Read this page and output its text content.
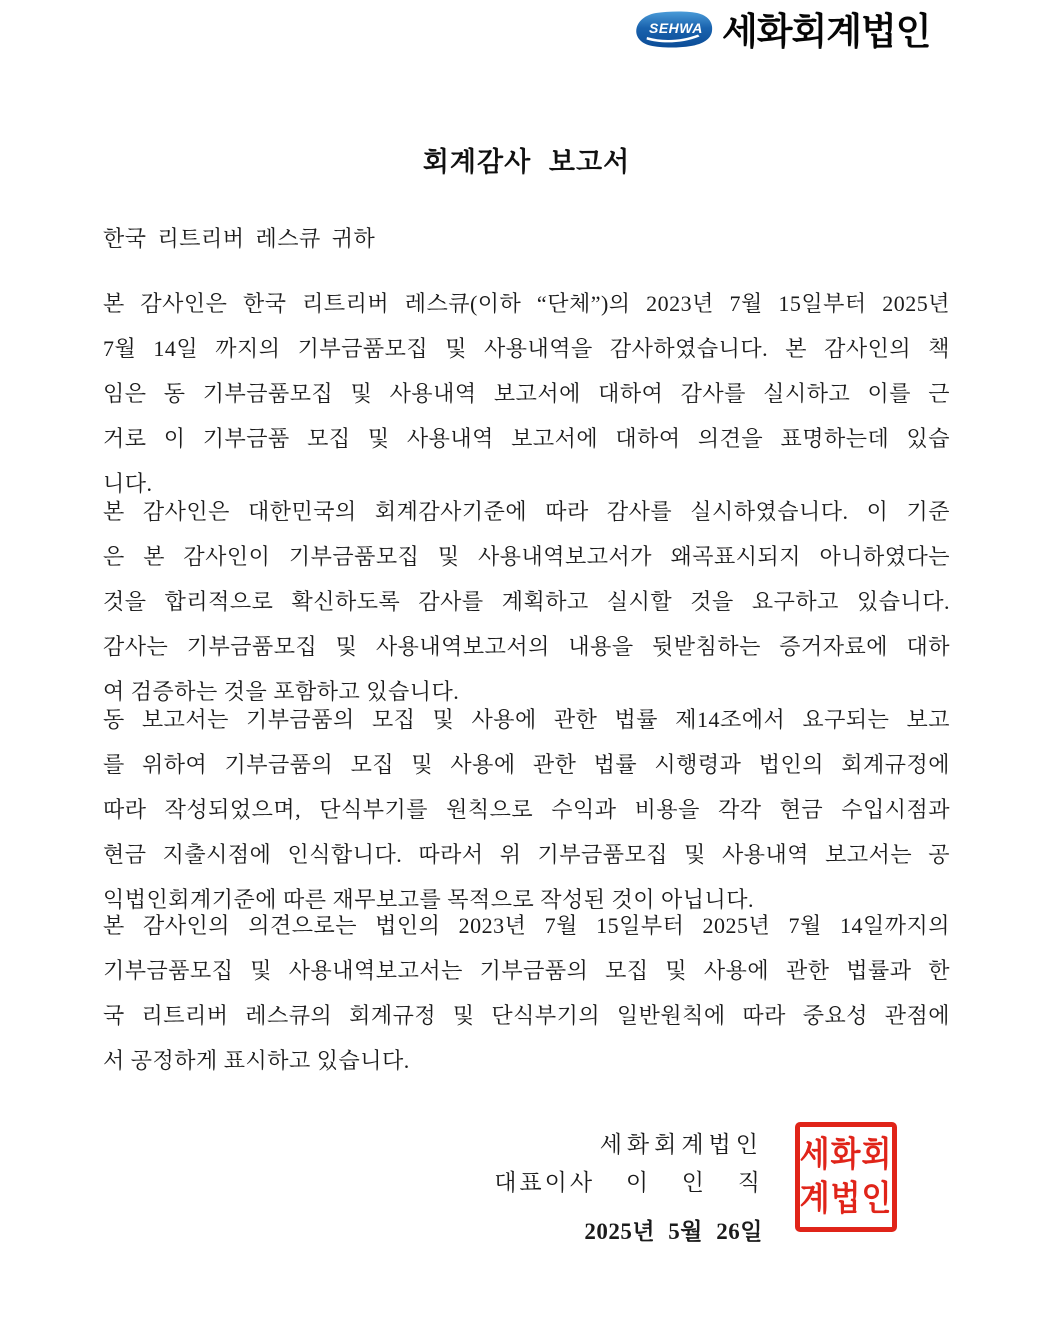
SEHWA 세화회계법인
회계감사 보고서
한국 리트리버 레스큐 귀하
본 감사인은 한국 리트리버 레스큐(이하 “단체”)의 2023년 7월 15일부터 2025년
7월 14일 까지의 기부금품모집 및 사용내역을 감사하였습니다. 본 감사인의 책
임은 동 기부금품모집 및 사용내역 보고서에 대하여 감사를 실시하고 이를 근
거로 이 기부금품 모집 및 사용내역 보고서에 대하여 의견을 표명하는데 있습
니다.
본 감사인은 대한민국의 회계감사기준에 따라 감사를 실시하였습니다. 이 기준
은 본 감사인이 기부금품모집 및 사용내역보고서가 왜곡표시되지 아니하였다는
것을 합리적으로 확신하도록 감사를 계획하고 실시할 것을 요구하고 있습니다.
감사는 기부금품모집 및 사용내역보고서의 내용을 뒷받침하는 증거자료에 대하
여 검증하는 것을 포함하고 있습니다.
동 보고서는 기부금품의 모집 및 사용에 관한 법률 제14조에서 요구되는 보고
를 위하여 기부금품의 모집 및 사용에 관한 법률 시행령과 법인의 회계규정에
따라 작성되었으며, 단식부기를 원칙으로 수익과 비용을 각각 현금 수입시점과
현금 지출시점에 인식합니다. 따라서 위 기부금품모집 및 사용내역 보고서는 공
익법인회계기준에 따른 재무보고를 목적으로 작성된 것이 아닙니다.
본 감사인의 의견으로는 법인의 2023년 7월 15일부터 2025년 7월 14일까지의
기부금품모집 및 사용내역보고서는 기부금품의 모집 및 사용에 관한 법률과 한
국 리트리버 레스큐의 회계규정 및 단식부기의 일반원칙에 따라 중요성 관점에
서 공정하게 표시하고 있습니다.
세화회계법인
대표이사 이 인 직
2025년 5월 26일
세화회
계법인
